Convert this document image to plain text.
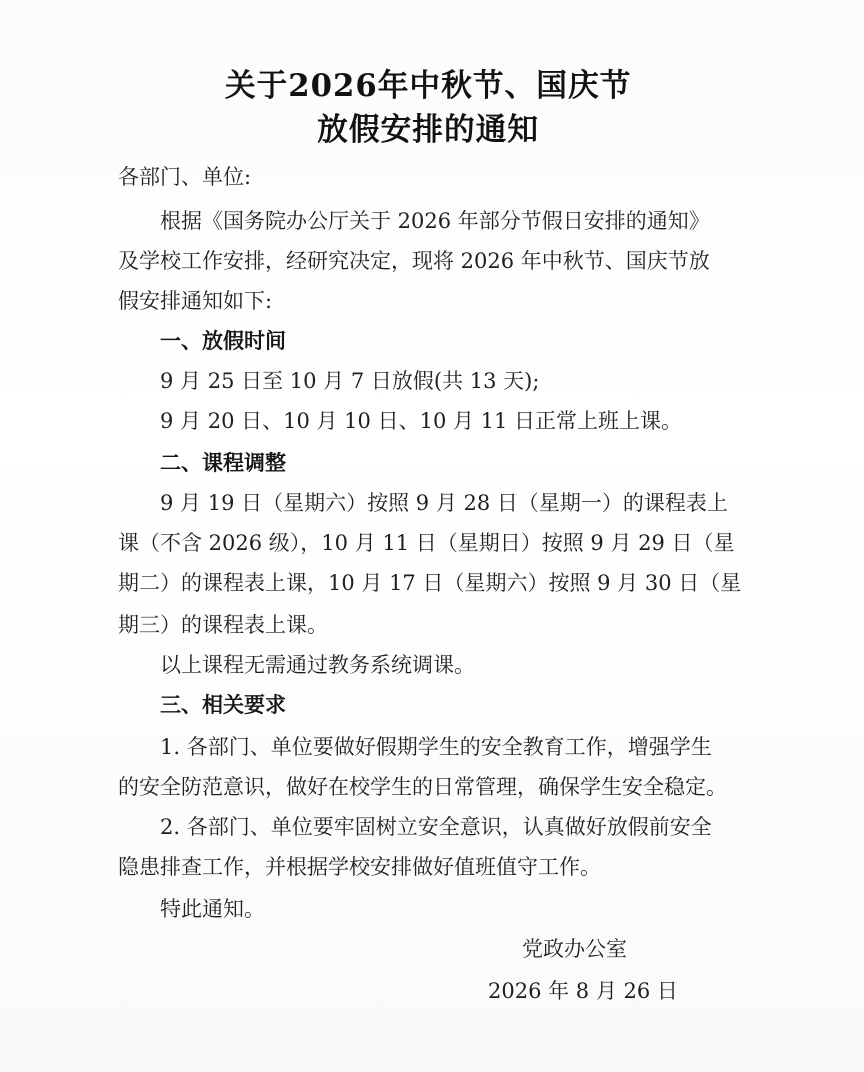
关于2026年中秋节、国庆节
放假安排的通知
各部门、单位:
根据《国务院办公厅关于 2026 年部分节假日安排的通知》
及学校工作安排，经研究决定，现将 2026 年中秋节、国庆节放
假安排通知如下:
一、放假时间
9 月 25 日至 10 月 7 日放假(共 13 天);
9 月 20 日、10 月 10 日、10 月 11 日正常上班上课。
二、课程调整
9 月 19 日（星期六）按照 9 月 28 日（星期一）的课程表上
课（不含 2026 级），10 月 11 日（星期日）按照 9 月 29 日（星
期二）的课程表上课，10 月 17 日（星期六）按照 9 月 30 日（星
期三）的课程表上课。
以上课程无需通过教务系统调课。
三、相关要求
1. 各部门、单位要做好假期学生的安全教育工作，增强学生
的安全防范意识，做好在校学生的日常管理，确保学生安全稳定。
2. 各部门、单位要牢固树立安全意识，认真做好放假前安全
隐患排查工作，并根据学校安排做好值班值守工作。
特此通知。
党政办公室
2026 年 8 月 26 日
